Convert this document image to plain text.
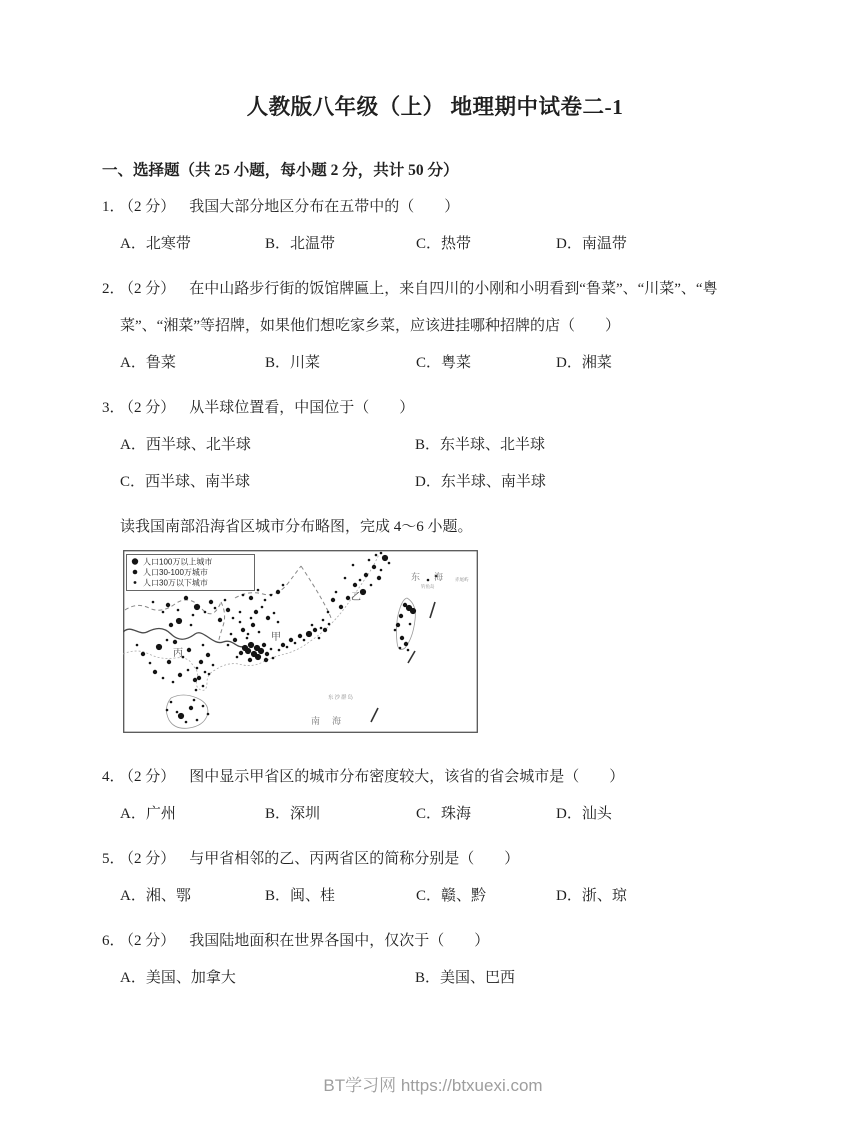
人教版八年级（上） 地理期中试卷二-1
一、选择题（共 25 小题，每小题 2 分，共计 50 分）

1． （2 分） 我国大部分地区分布在五带中的（　　）

A．北寒带	B．北温带	C．热带	D．南温带

2． （2 分） 在中山路步行街的饭馆牌匾上，来自四川的小刚和小明看到“鲁菜”、“川菜”、“粤菜”、“湘菜”等招牌，如果他们想吃家乡菜，应该进挂哪种招牌的店（　　）

A．鲁菜	B．川菜	C．粤菜	D．湘菜

3． （2 分） 从半球位置看，中国位于（　　）

A．西半球、北半球	B．东半球、北半球
C．西半球、南半球	D．东半球、南半球

读我国南部沿海省区城市分布略图，完成 4～6 小题。

人口100万以上城市
人口30-100万城市
人口30万以下城市
甲
乙
丙
东海
钓鱼岛
赤尾屿
东沙群岛
南海

4． （2 分） 图中显示甲省区的城市分布密度较大，该省的省会城市是（　　）

A．广州	B．深圳	C．珠海	D．汕头

5． （2 分） 与甲省相邻的乙、丙两省区的简称分别是（　　）

A．湘、鄂	B．闽、桂	C．赣、黔	D．浙、琼

6． （2 分） 我国陆地面积在世界各国中，仅次于（　　）

A．美国、加拿大	B．美国、巴西
BT学习网 https://btxuexi.com
